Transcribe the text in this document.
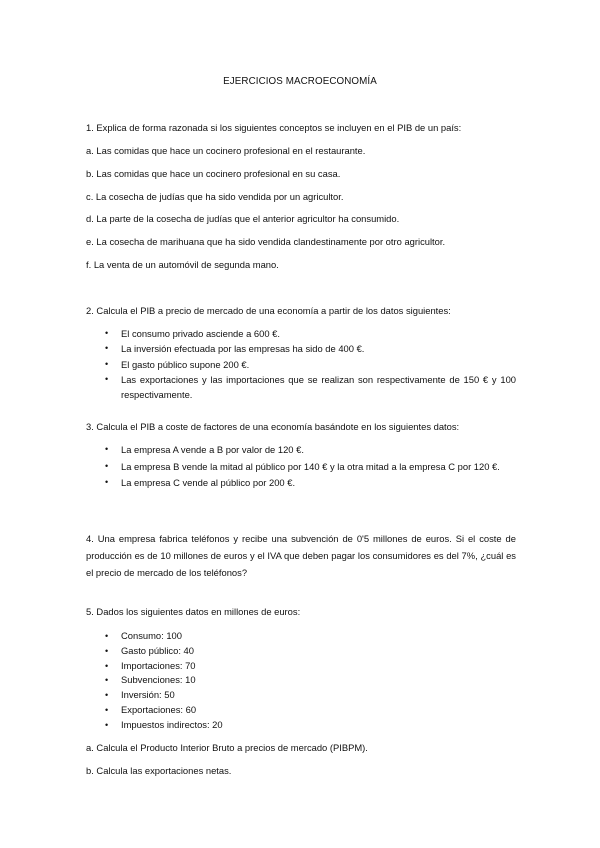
EJERCICIOS MACROECONOMÍA
1. Explica de forma razonada si los siguientes conceptos se incluyen en el PIB de un país:
a. Las comidas que hace un cocinero profesional en el restaurante.
b. Las comidas que hace un cocinero profesional en su casa.
c. La cosecha de judías que ha sido vendida por un agricultor.
d. La parte de la cosecha de judías que el anterior agricultor ha consumido.
e. La cosecha de marihuana que ha sido vendida clandestinamente por otro agricultor.
f. La venta de un automóvil de segunda mano.
2. Calcula el PIB a precio de mercado de una economía a partir de los datos siguientes:
• El consumo privado asciende a 600 €.
• La inversión efectuada por las empresas ha sido de 400 €.
• El gasto público supone 200 €.
• Las exportaciones y las importaciones que se realizan son respectivamente de 150 € y 100 respectivamente.
3. Calcula el PIB a coste de factores de una economía basándote en los siguientes datos:
• La empresa A vende a B por valor de 120 €.
• La empresa B vende la mitad al público por 140 € y la otra mitad a la empresa C por 120 €.
• La empresa C vende al público por 200 €.
4. Una empresa fabrica teléfonos y recibe una subvención de 0'5 millones de euros. Si el coste de producción es de 10 millones de euros y el IVA que deben pagar los consumidores es del 7%, ¿cuál es el precio de mercado de los teléfonos?
5. Dados los siguientes datos en millones de euros:
• Consumo: 100
• Gasto público: 40
• Importaciones: 70
• Subvenciones: 10
• Inversión: 50
• Exportaciones: 60
• Impuestos indirectos: 20
a. Calcula el Producto Interior Bruto a precios de mercado (PIBPM).
b. Calcula las exportaciones netas.
